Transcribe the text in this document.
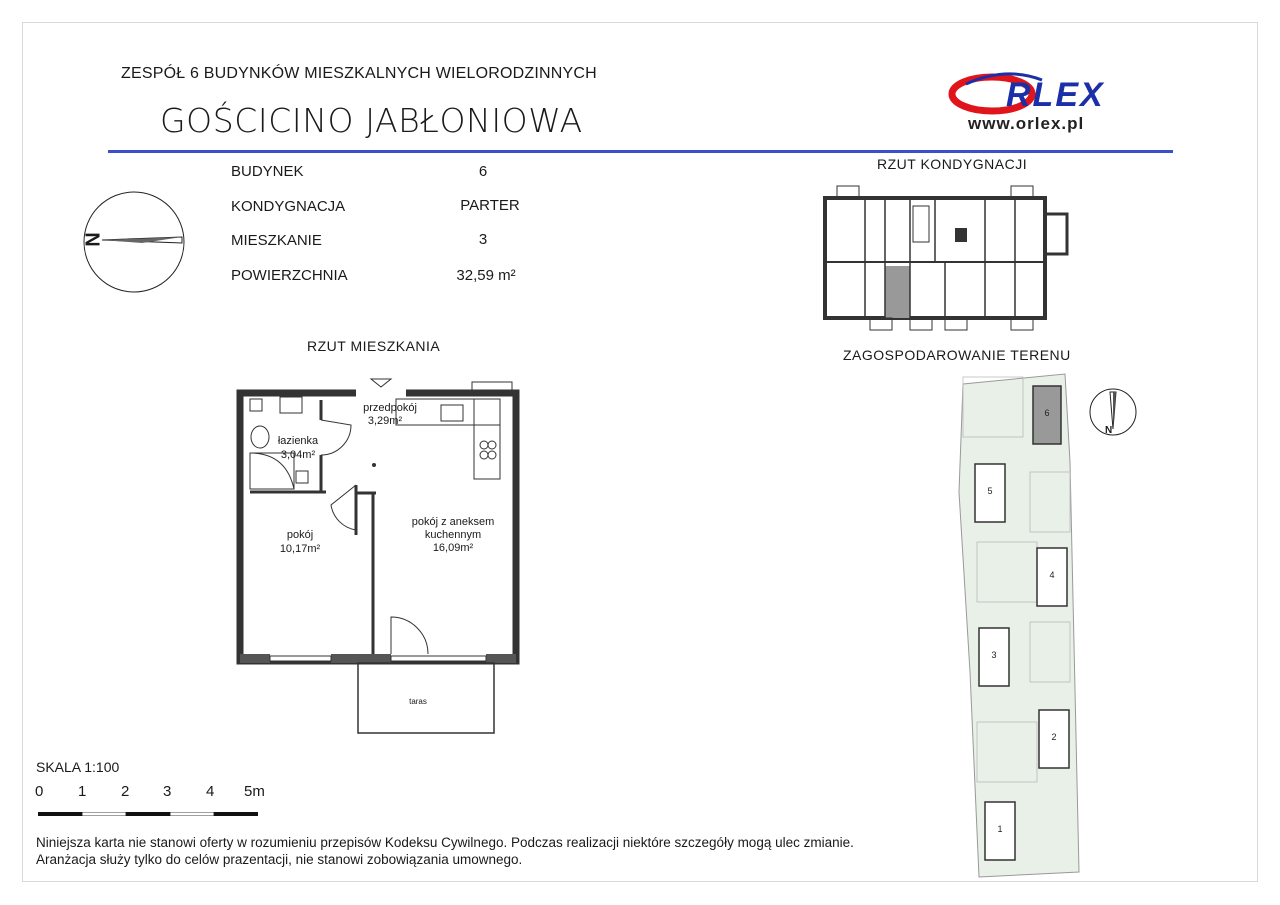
ZESPÓŁ 6 BUDYNKÓW MIESZKALNYCH WIELORODZINNYCH
GOŚCICINO JABŁONIOWA
RLEX
www.orlex.pl
BUDYNEK	6
KONDYGNACJA	PARTER
MIESZKANIE	3
POWIERZCHNIA	32,59 m²
N
RZUT MIESZKANIA
RZUT KONDYGNACJI
ZAGOSPODAROWANIE TERENU
przedpokój
3,29m²
łazienka
3,04m²
pokój
10,17m²
pokój z aneksem
kuchennym
16,09m²
taras
6
5
4
3
2
1
N
SKALA 1:100
0 1 2 3 4 5m
Niniejsza karta nie stanowi oferty w rozumieniu przepisów Kodeksu Cywilnego. Podczas realizacji niektóre szczegóły mogą ulec zmianie.
Aranżacja służy tylko do celów prazentacji, nie stanowi zobowiązania umownego.
